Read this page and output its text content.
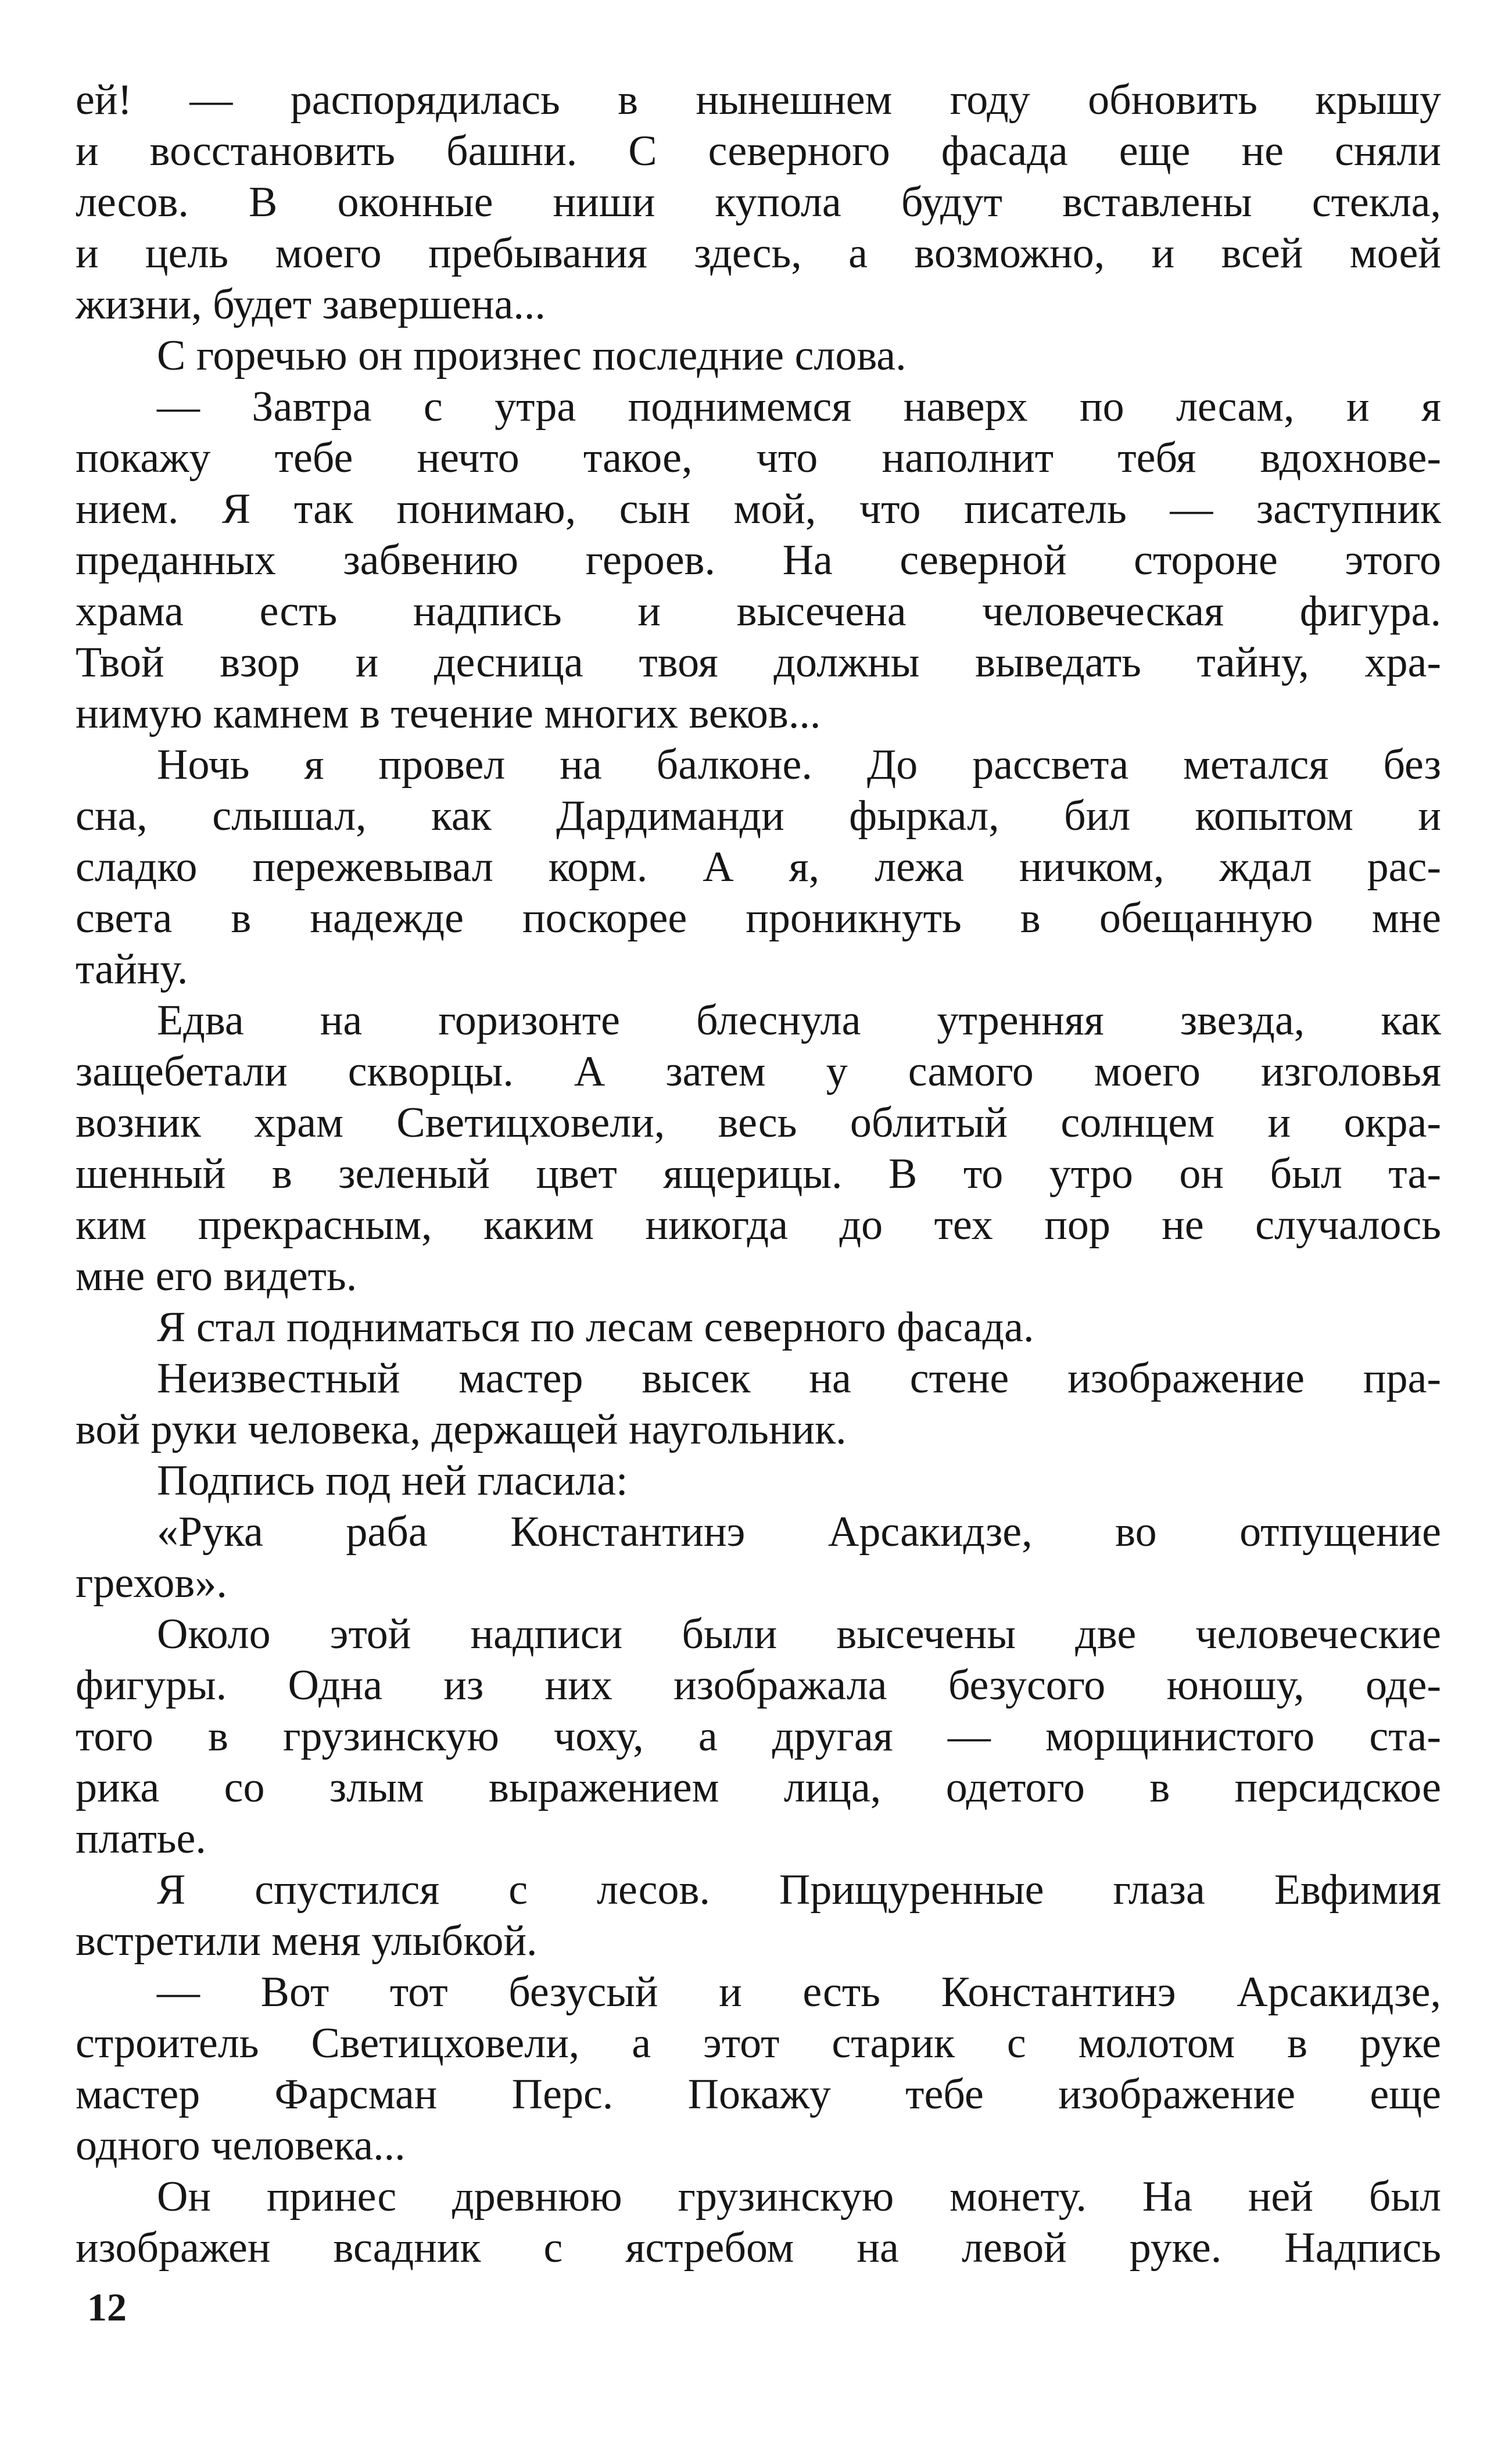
ей! — распорядилась в нынешнем году обновить крышу
и восстановить башни. С северного фасада еще не сняли
лесов. В оконные ниши купола будут вставлены стекла,
и цель моего пребывания здесь, а возможно, и всей моей
жизни, будет завершена...
С горечью он произнес последние слова.
— Завтра с утра поднимемся наверх по лесам, и я
покажу тебе нечто такое, что наполнит тебя вдохнове-
нием. Я так понимаю, сын мой, что писатель — заступник
преданных забвению героев. На северной стороне этого
храма есть надпись и высечена человеческая фигура.
Твой взор и десница твоя должны выведать тайну, хра-
нимую камнем в течение многих веков...
Ночь я провел на балконе. До рассвета метался без
сна, слышал, как Дардиманди фыркал, бил копытом и
сладко пережевывал корм. А я, лежа ничком, ждал рас-
света в надежде поскорее проникнуть в обещанную мне
тайну.
Едва на горизонте блеснула утренняя звезда, как
защебетали скворцы. А затем у самого моего изголовья
возник храм Светицховели, весь облитый солнцем и окра-
шенный в зеленый цвет ящерицы. В то утро он был та-
ким прекрасным, каким никогда до тех пор не случалось
мне его видеть.
Я стал подниматься по лесам северного фасада.
Неизвестный мастер высек на стене изображение пра-
вой руки человека, держащей наугольник.
Подпись под ней гласила:
«Рука раба Константинэ Арсакидзе, во отпущение
грехов».
Около этой надписи были высечены две человеческие
фигуры. Одна из них изображала безусого юношу, оде-
того в грузинскую чоху, а другая — морщинистого ста-
рика со злым выражением лица, одетого в персидское
платье.
Я спустился с лесов. Прищуренные глаза Евфимия
встретили меня улыбкой.
— Вот тот безусый и есть Константинэ Арсакидзе,
строитель Светицховели, а этот старик с молотом в руке
мастер Фарсман Перс. Покажу тебе изображение еще
одного человека...
Он принес древнюю грузинскую монету. На ней был
изображен всадник с ястребом на левой руке. Надпись
12
